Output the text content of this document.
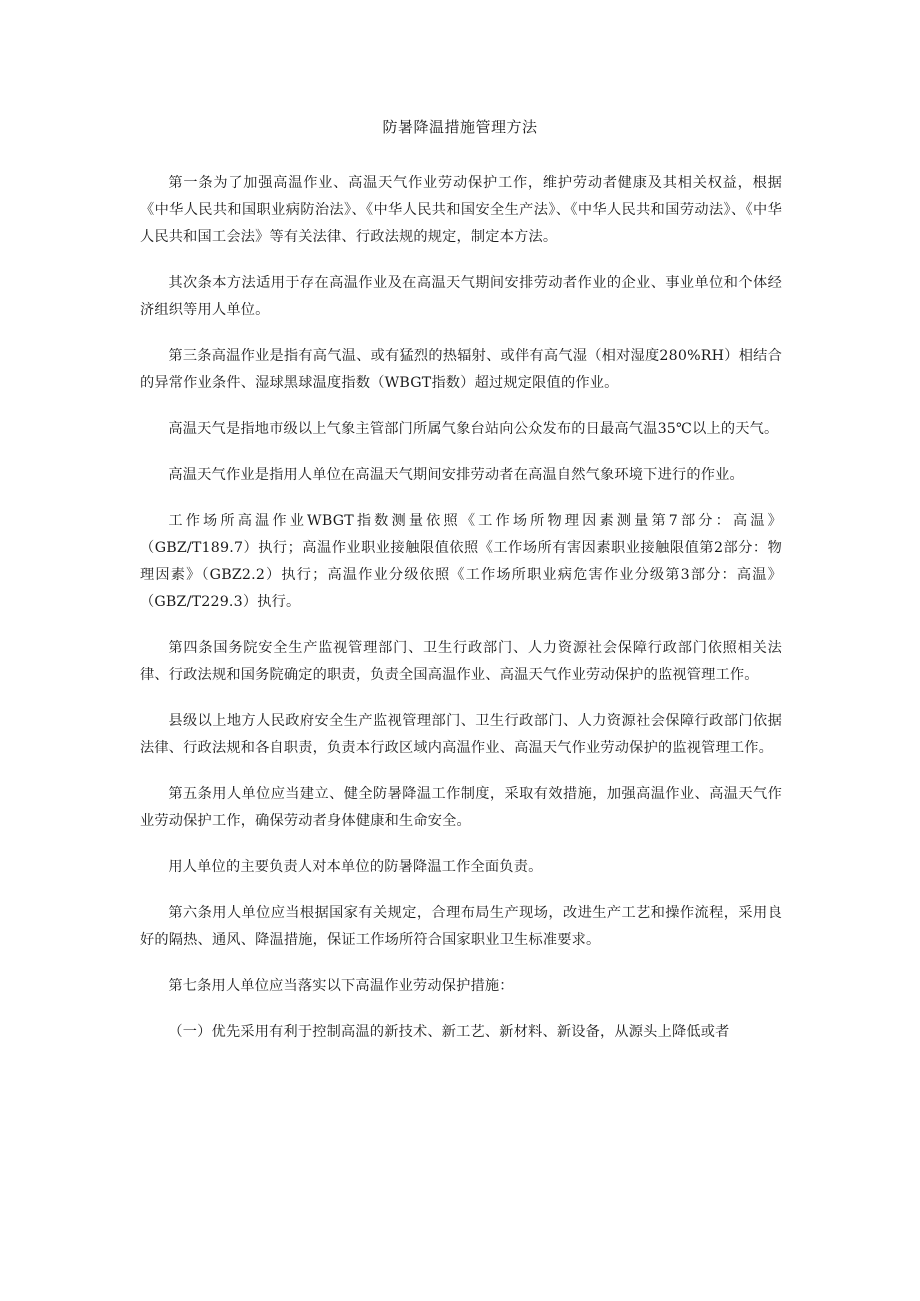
防暑降温措施管理方法

第一条为了加强高温作业、高温天气作业劳动保护工作，维护劳动者健康及其相关权益，根据《中华人民共和国职业病防治法》、《中华人民共和国安全生产法》、《中华人民共和国劳动法》、《中华人民共和国工会法》等有关法律、行政法规的规定，制定本方法。

其次条本方法适用于存在高温作业及在高温天气期间安排劳动者作业的企业、事业单位和个体经济组织等用人单位。

第三条高温作业是指有高气温、或有猛烈的热辐射、或伴有高气湿（相对湿度280%RH）相结合的异常作业条件、湿球黑球温度指数（WBGT指数）超过规定限值的作业。

高温天气是指地市级以上气象主管部门所属气象台站向公众发布的日最高气温35℃以上的天气。

高温天气作业是指用人单位在高温天气期间安排劳动者在高温自然气象环境下进行的作业。

工作场所高温作业WBGT指数测量依照《工作场所物理因素测量第7部分：高温》（GBZ/T189.7）执行；高温作业职业接触限值依照《工作场所有害因素职业接触限值第2部分：物理因素》（GBZ2.2）执行；高温作业分级依照《工作场所职业病危害作业分级第3部分：高温》（GBZ/T229.3）执行。

第四条国务院安全生产监视管理部门、卫生行政部门、人力资源社会保障行政部门依照相关法律、行政法规和国务院确定的职责，负责全国高温作业、高温天气作业劳动保护的监视管理工作。

县级以上地方人民政府安全生产监视管理部门、卫生行政部门、人力资源社会保障行政部门依据法律、行政法规和各自职责，负责本行政区域内高温作业、高温天气作业劳动保护的监视管理工作。

第五条用人单位应当建立、健全防暑降温工作制度，采取有效措施，加强高温作业、高温天气作业劳动保护工作，确保劳动者身体健康和生命安全。

用人单位的主要负责人对本单位的防暑降温工作全面负责。

第六条用人单位应当根据国家有关规定，合理布局生产现场，改进生产工艺和操作流程，采用良好的隔热、通风、降温措施，保证工作场所符合国家职业卫生标准要求。

第七条用人单位应当落实以下高温作业劳动保护措施：

（一）优先采用有利于控制高温的新技术、新工艺、新材料、新设备，从源头上降低或者
